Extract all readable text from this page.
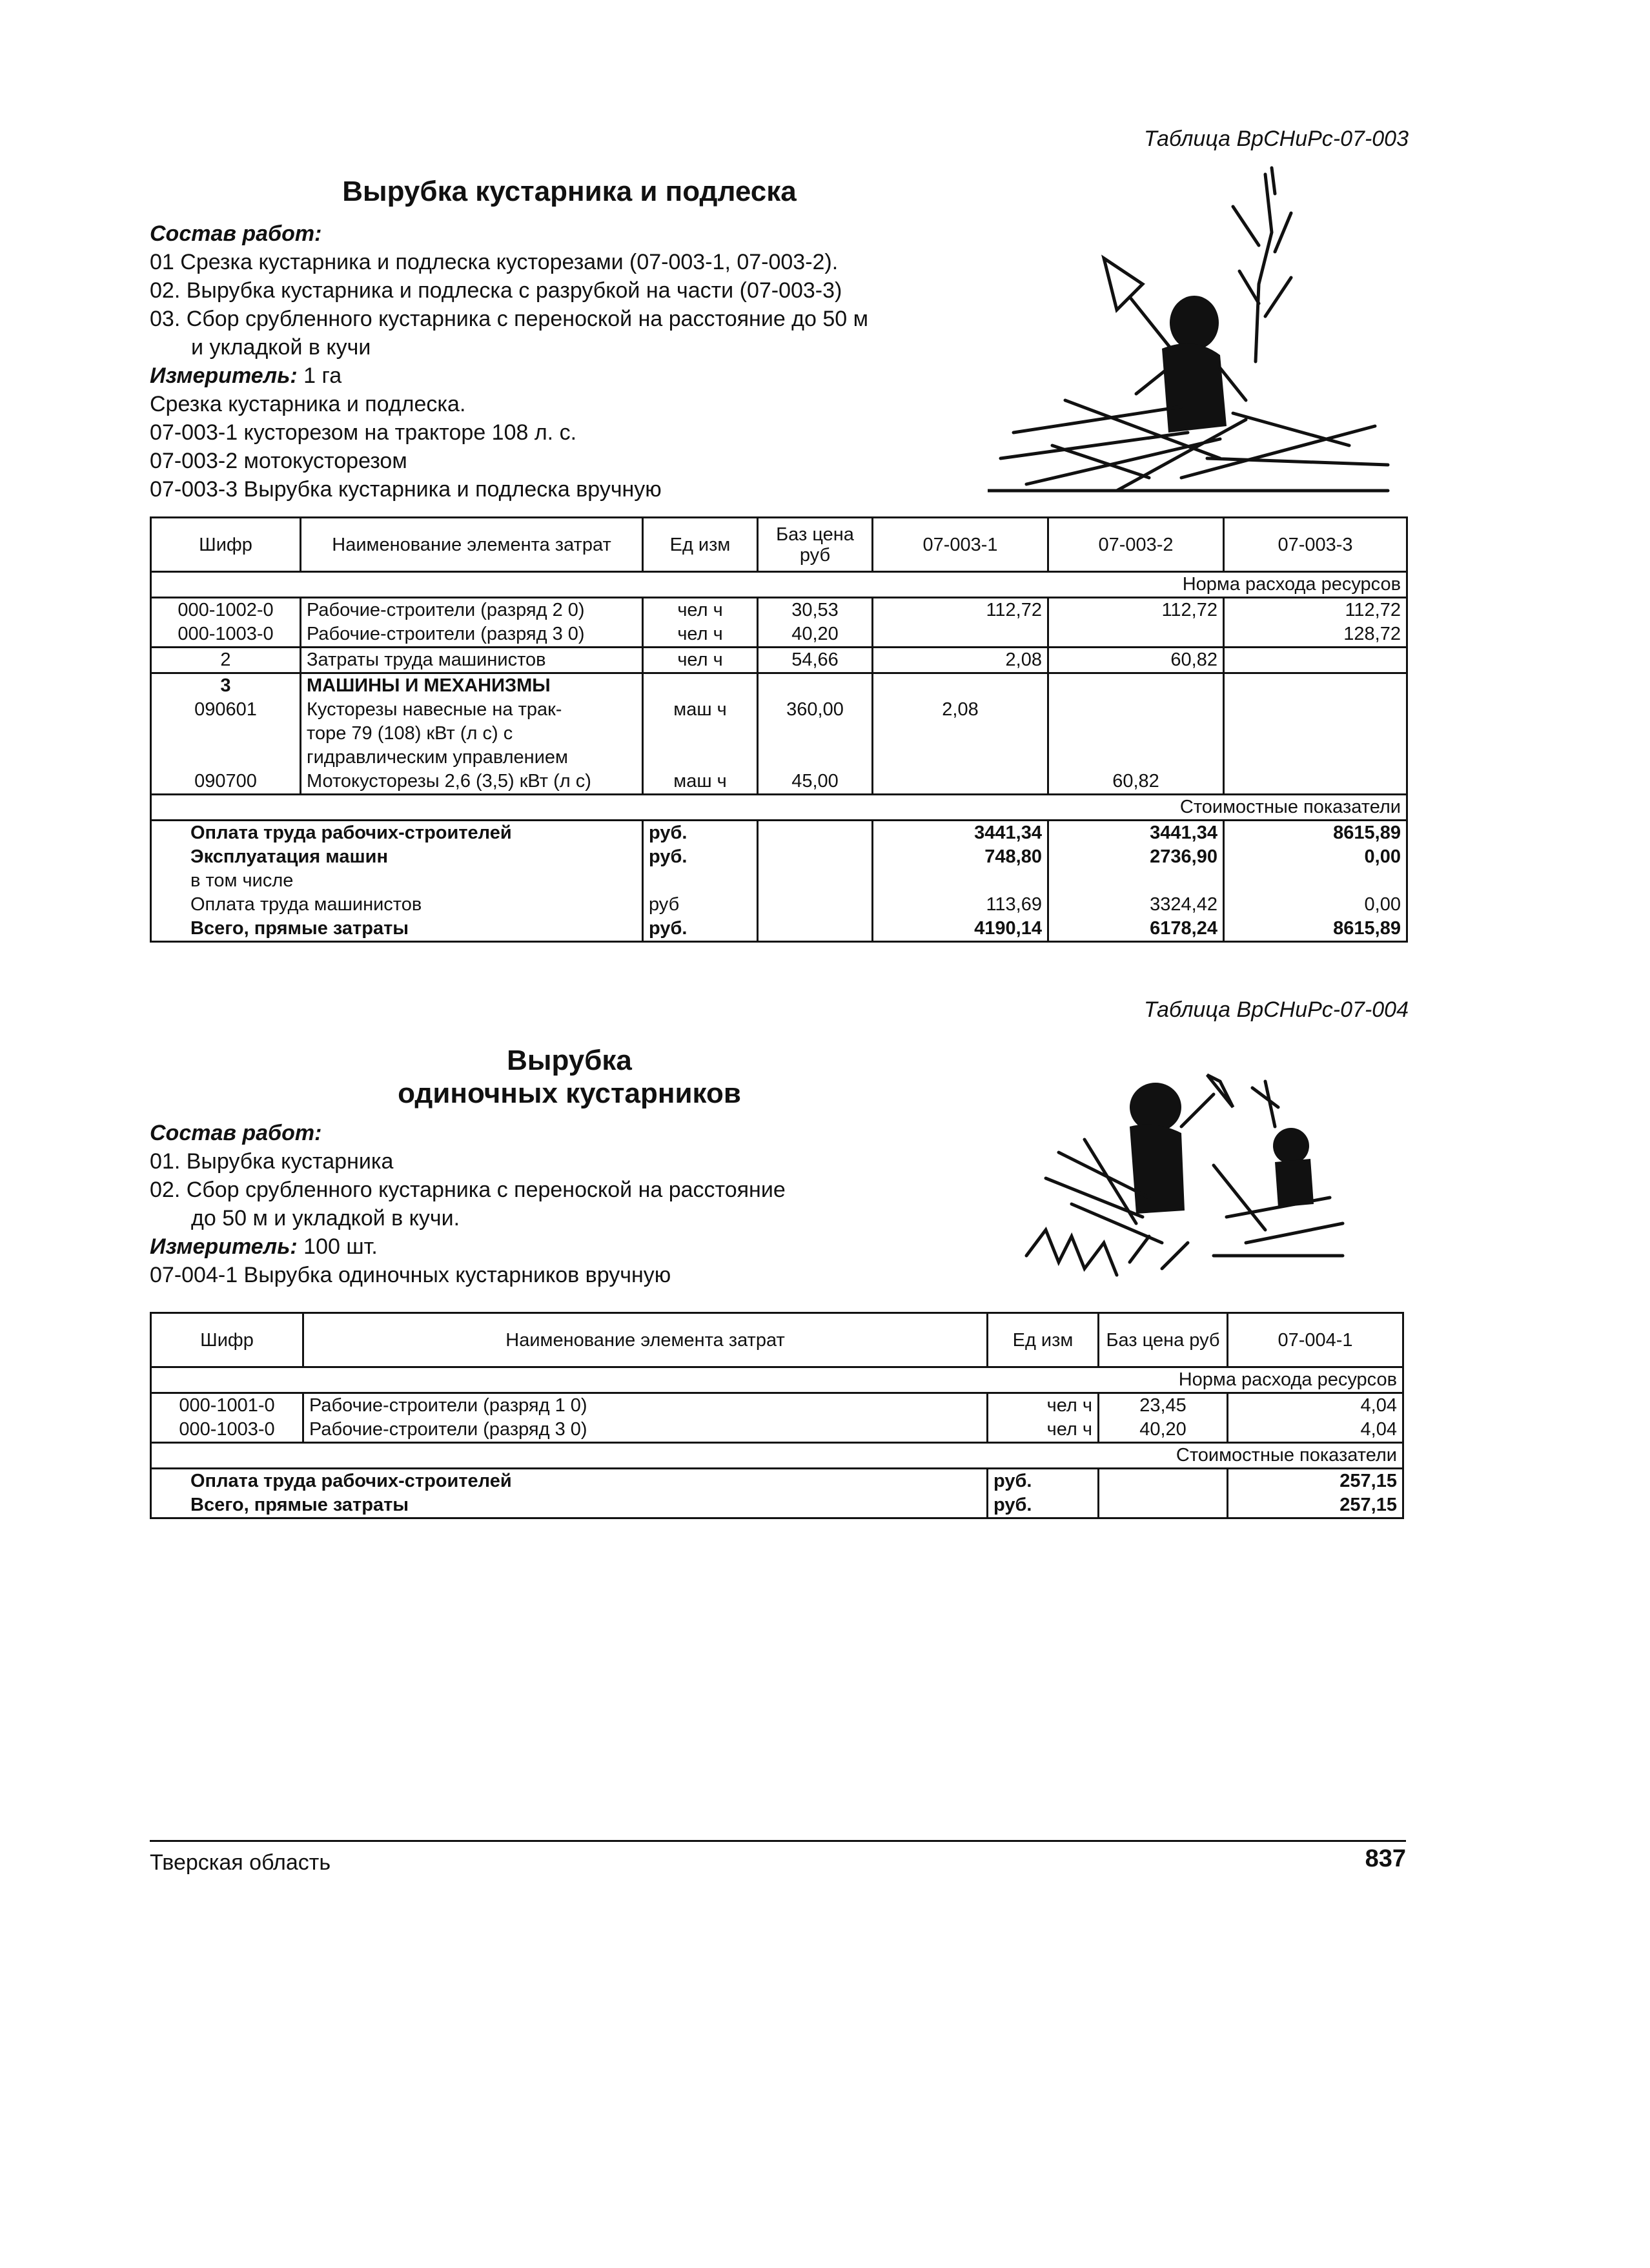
Таблица ВрСНиРс-07-003
Вырубка кустарника и подлеска
Состав работ:
01 Срезка кустарника и подлеска кусторезами (07-003-1, 07-003-2).
02. Вырубка кустарника и подлеска с разрубкой на части (07-003-3)
03. Сбор срубленного кустарника с переноской на расстояние до 50 м
и укладкой в кучи
Измеритель: 1 га
Срезка кустарника и подлеска.
07-003-1 кусторезом на тракторе 108 л. с.
07-003-2 мотокусторезом
07-003-3 Вырубка кустарника и подлеска вручную
Шифр	Наименование элемента затрат	Ед изм	Баз цена руб	07-003-1	07-003-2	07-003-3
				Норма расхода ресурсов		
000-1002-0	Рабочие-строители (разряд 2 0)	чел ч	30,53	112,72	112,72	112,72
000-1003-0	Рабочие-строители (разряд 3 0)	чел ч	40,20			128,72
2	Затраты труда машинистов	чел ч	54,66	2,08	60,82	
3	МАШИНЫ И МЕХАНИЗМЫ					
090601	Кусторезы навесные на трак-	маш ч	360,00	2,08		
	торе 79 (108) кВт (л с) с					
	гидравлическим управлением					
090700	Мотокусторезы 2,6 (3,5) кВт (л с)	маш ч	45,00		60,82	
				Стоимостные показатели		
Оплата труда рабочих-строителей		руб.		3441,34	3441,34	8615,89
Эксплуатация машин		руб.		748,80	2736,90	0,00
в том числе						
Оплата труда машинистов		руб		113,69	3324,42	0,00
Всего, прямые затраты		руб.		4190,14	6178,24	8615,89
Таблица ВрСНиРс-07-004
Вырубка
одиночных кустарников
Состав работ:
01. Вырубка кустарника
02. Сбор срубленного кустарника с переноской на расстояние
до 50 м и укладкой в кучи.
Измеритель: 100 шт.
07-004-1 Вырубка одиночных кустарников вручную
Шифр	Наименование элемента затрат	Ед изм	Баз цена руб	07-004-1
			Норма расхода ресурсов	
000-1001-0	Рабочие-строители (разряд 1 0)	чел ч	23,45	4,04
000-1003-0	Рабочие-строители (разряд 3 0)	чел ч	40,20	4,04
			Стоимостные показатели	
Оплата труда рабочих-строителей		руб.		257,15
Всего, прямые затраты		руб.		257,15
Тверская область	837
